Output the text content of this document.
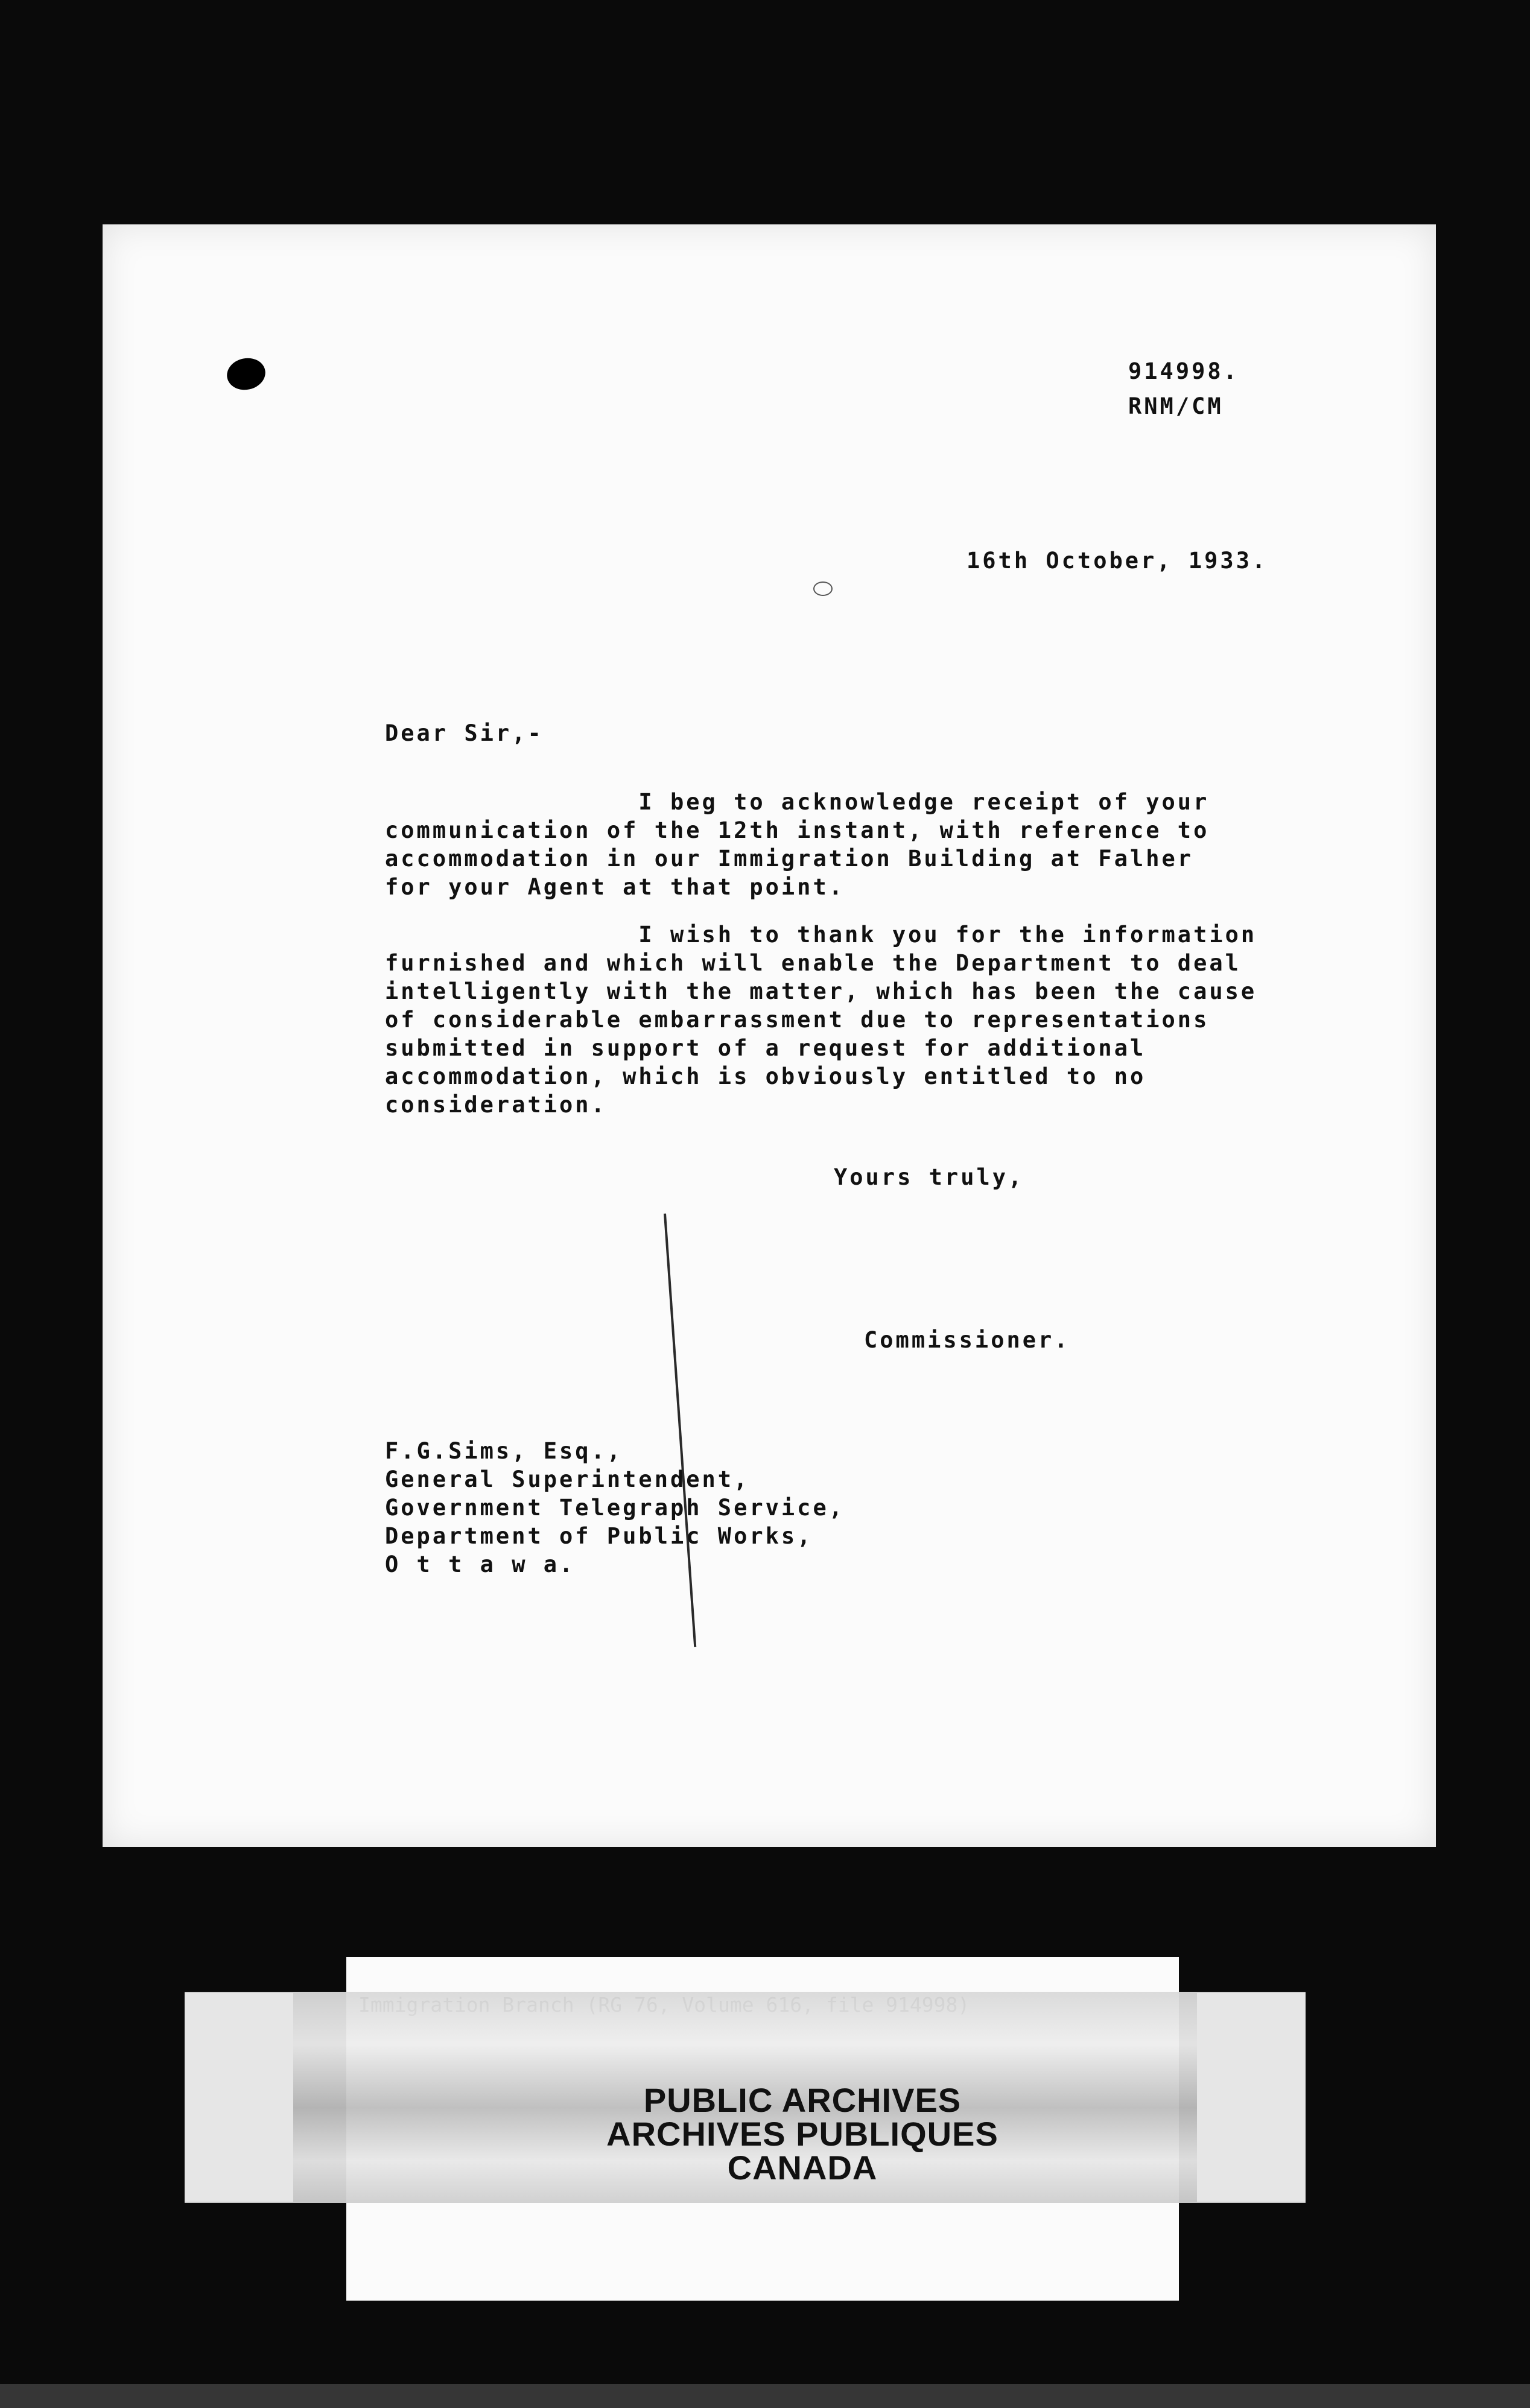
914998.
RNM/CM
16th October, 1933.
Dear Sir,-
I beg to acknowledge receipt of your
communication of the 12th instant, with reference to
accommodation in our Immigration Building at Falher
for your Agent at that point.
I wish to thank you for the information
furnished and which will enable the Department to deal
intelligently with the matter, which has been the cause
of considerable embarrassment due to representations
submitted in support of a request for additional
accommodation, which is obviously entitled to no
consideration.
Yours truly,
Commissioner.
F.G.Sims, Esq.,
General Superintendent,
Government Telegraph Service,
Department of Public Works,
O t t a w a.
PUBLIC ARCHIVES
ARCHIVES PUBLIQUES
CANADA
